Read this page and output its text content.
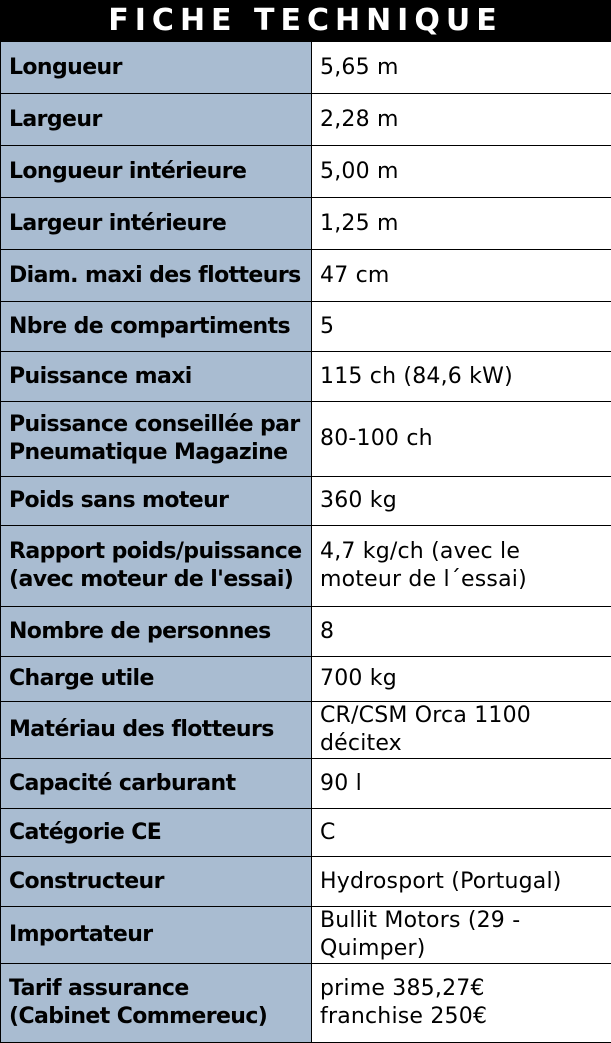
FICHE TECHNIQUE
Longueur	5,65 m
Largeur	2,28 m
Longueur intérieure	5,00 m
Largeur intérieure	1,25 m
Diam. maxi des flotteurs	47 cm
Nbre de compartiments	5
Puissance maxi	115 ch (84,6 kW)
Puissance conseillée par
Pneumatique Magazine	80-100 ch
Poids sans moteur	360 kg
Rapport poids/puissance
(avec moteur de l'essai)	4,7 kg/ch (avec le
moteur de l´essai)
Nombre de personnes	8
Charge utile	700 kg
Matériau des flotteurs	CR/CSM Orca 1100
décitex
Capacité carburant	90 l
Catégorie CE	C
Constructeur	Hydrosport (Portugal)
Importateur	Bullit Motors (29 -
Quimper)
Tarif assurance
(Cabinet Commereuc)	prime 385,27€
franchise 250€
